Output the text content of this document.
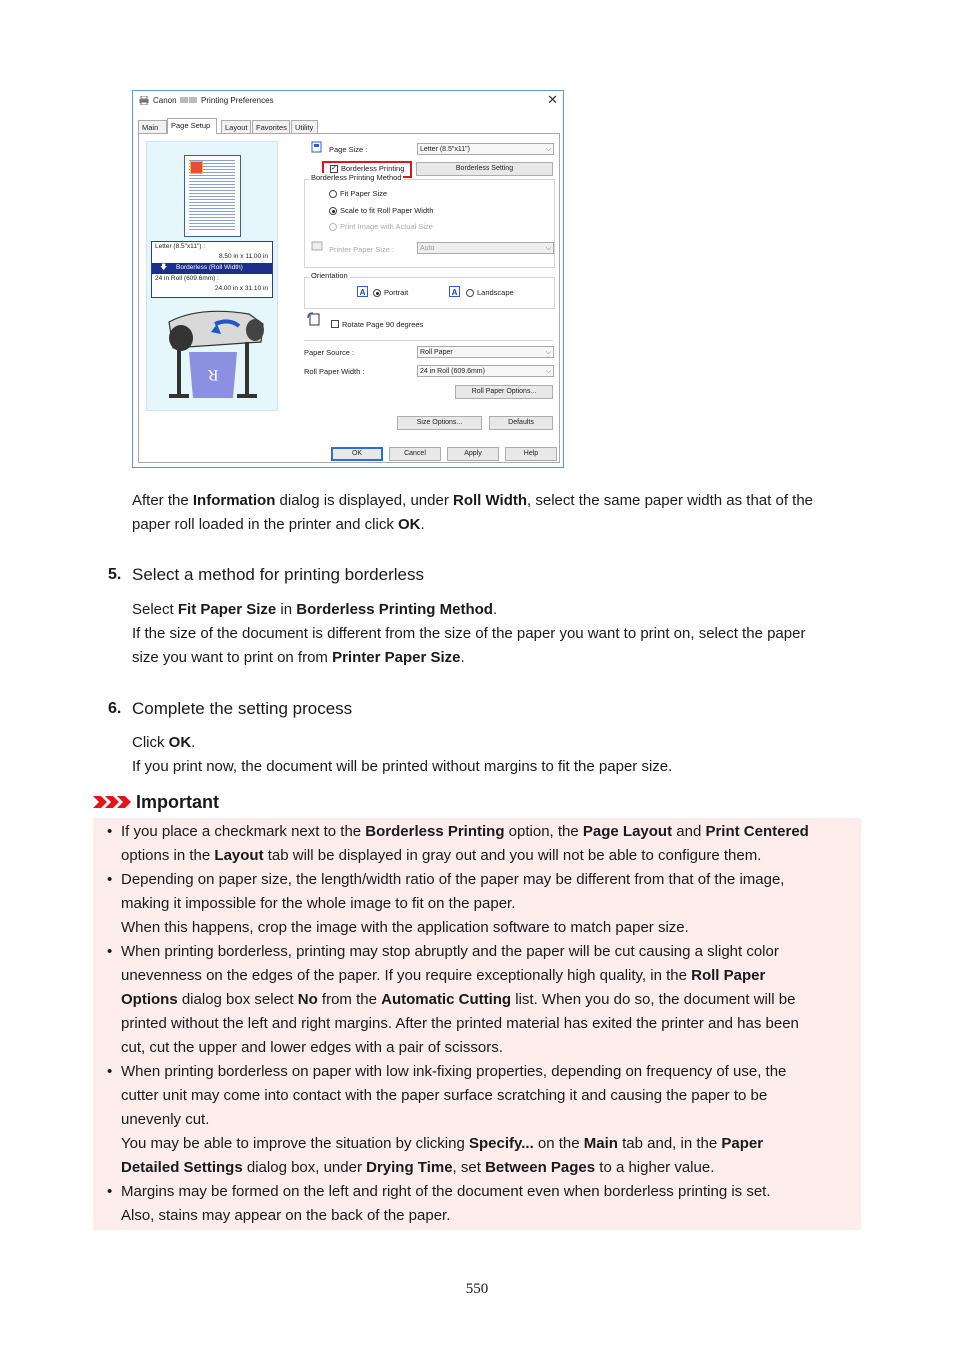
Canon	Printing Preferences	✕
Main	Page Setup	Layout	Favorites	Utility
Letter (8.5"x11") :
8.50 in x 11.00 in
🡇 Borderless (Roll Width)
24 in Roll (609.6mm) :
24.00 in x 31.10 in
R
Page Size :	Letter (8.5"x11")	⌵
✓ Borderless Printing	Borderless Setting
Borderless Printing Method
Fit Paper Size
Scale to fit Roll Paper Width
Print Image with Actual Size
Printer Paper Size :	Auto	⌵
Orientation
A	Portrait	A	Landscape
Rotate Page 90 degrees
Paper Source :	Roll Paper	⌵
Roll Paper Width :	24 in Roll (609.6mm)	⌵
Roll Paper Options...
Size Options...	Defaults
OK	Cancel	Apply	Help
After the Information dialog is displayed, under Roll Width, select the same paper width as that of the
paper roll loaded in the printer and click OK.
5. Select a method for printing borderless
Select Fit Paper Size in Borderless Printing Method.
If the size of the document is different from the size of the paper you want to print on, select the paper
size you want to print on from Printer Paper Size.
6. Complete the setting process
Click OK.
If you print now, the document will be printed without margins to fit the paper size.
Important
• If you place a checkmark next to the Borderless Printing option, the Page Layout and Print Centered
options in the Layout tab will be displayed in gray out and you will not be able to configure them.
• Depending on paper size, the length/width ratio of the paper may be different from that of the image,
making it impossible for the whole image to fit on the paper.
When this happens, crop the image with the application software to match paper size.
• When printing borderless, printing may stop abruptly and the paper will be cut causing a slight color
unevenness on the edges of the paper. If you require exceptionally high quality, in the Roll Paper
Options dialog box select No from the Automatic Cutting list. When you do so, the document will be
printed without the left and right margins. After the printed material has exited the printer and has been
cut, cut the upper and lower edges with a pair of scissors.
• When printing borderless on paper with low ink-fixing properties, depending on frequency of use, the
cutter unit may come into contact with the paper surface scratching it and causing the paper to be
unevenly cut.
You may be able to improve the situation by clicking Specify... on the Main tab and, in the Paper
Detailed Settings dialog box, under Drying Time, set Between Pages to a higher value.
• Margins may be formed on the left and right of the document even when borderless printing is set.
Also, stains may appear on the back of the paper.
550
